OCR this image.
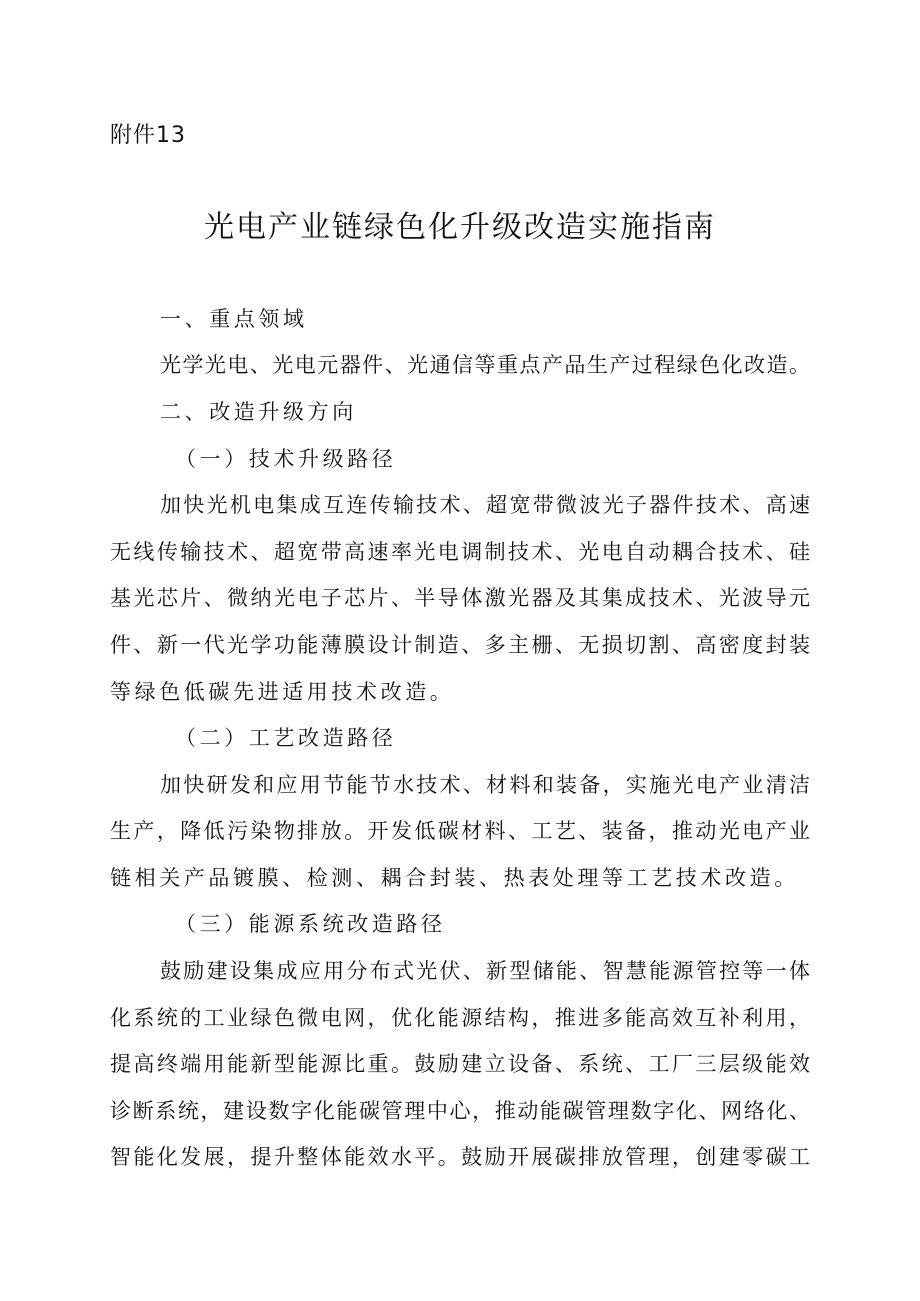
附件13
光电产业链绿色化升级改造实施指南
一、重点领域
光学光电、光电元器件、光通信等重点产品生产过程绿色化改造。
二、改造升级方向
（一）技术升级路径
加快光机电集成互连传输技术、超宽带微波光子器件技术、高速
无线传输技术、超宽带高速率光电调制技术、光电自动耦合技术、硅
基光芯片、微纳光电子芯片、半导体激光器及其集成技术、光波导元
件、新一代光学功能薄膜设计制造、多主栅、无损切割、高密度封装
等绿色低碳先进适用技术改造。
（二）工艺改造路径
加快研发和应用节能节水技术、材料和装备，实施光电产业清洁
生产，降低污染物排放。开发低碳材料、工艺、装备，推动光电产业
链相关产品镀膜、检测、耦合封装、热表处理等工艺技术改造。
（三）能源系统改造路径
鼓励建设集成应用分布式光伏、新型储能、智慧能源管控等一体
化系统的工业绿色微电网，优化能源结构，推进多能高效互补利用，
提高终端用能新型能源比重。鼓励建立设备、系统、工厂三层级能效
诊断系统，建设数字化能碳管理中心，推动能碳管理数字化、网络化、
智能化发展，提升整体能效水平。鼓励开展碳排放管理，创建零碳工
